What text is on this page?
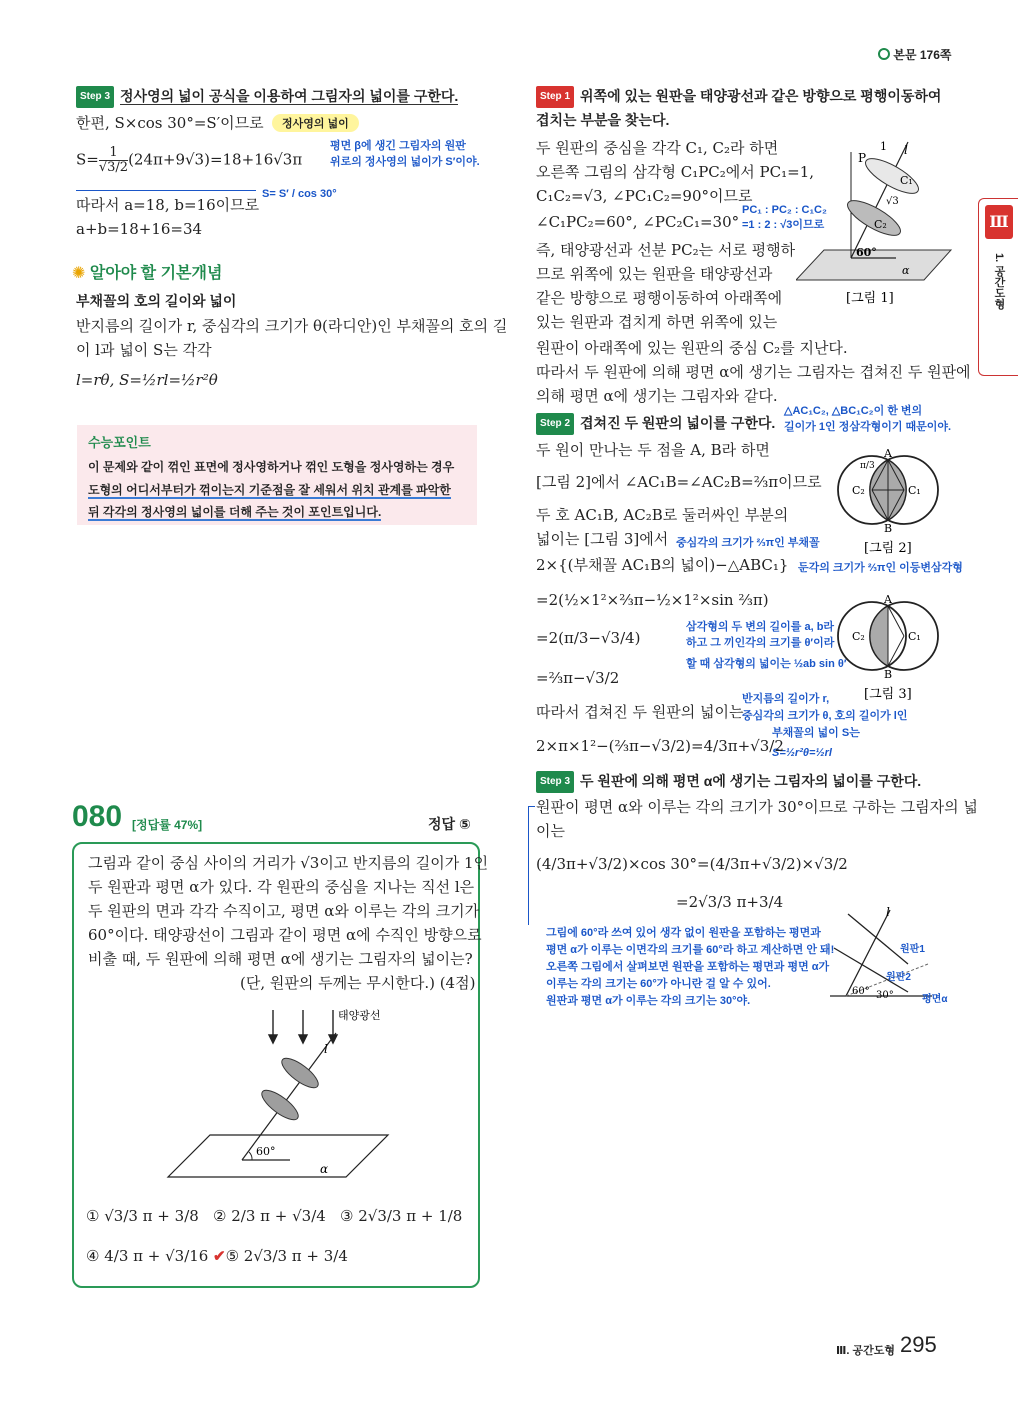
본문 176쪽
Ⅲ
1. 공간도형
Step 3 정사영의 넓이 공식을 이용하여 그림자의 넓이를 구한다.
한편, S×cos 30°=S′이므로	정사영의 넓이
평면 β에 생긴 그림자의 원판
위로의 정사영의 넓이가 S′이야.
$S= \frac{1}{√3/2} (24\pi+9√3)=18+16√3\pi$
S= S′ / cos 30°
따라서 a=18, b=16이므로
a+b=18+16=34
✺ 알아야 할 기본개념
부채꼴의 호의 길이와 넓이
반지름의 길이가 r, 중심각의 크기가 θ(라디안)인 부채꼴의 호의 길
이 l과 넓이 S는 각각
l=rθ, S=½rl=½r²θ
수능포인트
이 문제와 같이 꺾인 표면에 정사영하거나 꺾인 도형을 정사영하는 경우
도형의 어디서부터가 꺾이는지 기준점을 잘 세워서 위치 관계를 파악한
뒤 각각의 정사영의 넓이를 더해 주는 것이 포인트입니다.
080 [정답률 47%]	정답 ⑤
그림과 같이 중심 사이의 거리가 √3이고 반지름의 길이가 1인
두 원판과 평면 α가 있다. 각 원판의 중심을 지나는 직선 l은
두 원판의 면과 각각 수직이고, 평면 α와 이루는 각의 크기가
60°이다. 태양광선이 그림과 같이 평면 α에 수직인 방향으로
비출 때, 두 원판에 의해 평면 α에 생기는 그림자의 넓이는?
(단, 원판의 두께는 무시한다.) (4점)
태양광선
l
60°
α
① √3/3 π + 3/8 ② 2/3 π + √3/4 ③ 2√3/3 π + 1/8
④ 4/3 π + √3/16 ✔⑤ 2√3/3 π + 3/4
Step 1 위쪽에 있는 원판을 태양광선과 같은 방향으로 평행이동하여
겹치는 부분을 찾는다.
두 원판의 중심을 각각 C₁, C₂라 하면
오른쪽 그림의 삼각형 C₁PC₂에서 PC₁=1,
C₁C₂=√3, ∠PC₁C₂=90°이므로
∠C₁PC₂=60°, ∠PC₂C₁=30°
PC₁ : PC₂ : C₁C₂
=1 : 2 : √3이므로
즉, 태양광선과 선분 PC₂는 서로 평행하
므로 위쪽에 있는 원판을 태양광선과
같은 방향으로 평행이동하여 아래쪽에
있는 원판과 겹치게 하면 위쪽에 있는
원판이 아래쪽에 있는 원판의 중심 C₂를 지난다.
따라서 두 원판에 의해 평면 α에 생기는 그림자는 겹쳐진 두 원판에
의해 평면 α에 생기는 그림자와 같다.
P
1 l
C₁
√3
C₂
60°
α
[그림 1]
Step 2 겹쳐진 두 원판의 넓이를 구한다.
△AC₁C₂, △BC₁C₂이 한 변의
길이가 1인 정삼각형이기 때문이야.
두 원이 만나는 두 점을 A, B라 하면
[그림 2]에서 ∠AC₁B=∠AC₂B=⅔π이므로
두 호 AC₁B, AC₂B로 둘러싸인 부분의
넓이는 [그림 3]에서 중심각의 크기가 ⅔π인 부채꼴
2×{(부채꼴 AC₁B의 넓이)−△ABC₁} 둔각의 크기가 ⅔π인 이등변삼각형
=2(½×1²×⅔π−½×1²×sin ⅔π)
=2(π/3−√3/4)
=⅔π−√3/2
삼각형의 두 변의 길이를 a, b라
하고 그 끼인각의 크기를 θ′이라
할 때 삼각형의 넓이는 ½ab sin θ′
반지름의 길이가 r,
중심각의 크기가 θ, 호의 길이가 l인
부채꼴의 넓이 S는
S=½r²θ=½rl
따라서 겹쳐진 두 원판의 넓이는
2×π×1²−(⅔π−√3/2)=4/3π+√3/2
A
B
C₂	C₁
π/3
[그림 2]
A
B
C₂	C₁
[그림 3]
Step 3 두 원판에 의해 평면 α에 생기는 그림자의 넓이를 구한다.
원판이 평면 α와 이루는 각의 크기가 30°이므로 구하는 그림자의 넓
이는
(4/3π+√3/2)×cos 30°=(4/3π+√3/2)×√3/2
=2√3/3 π+3/4
그림에 60°라 쓰여 있어 생각 없이 원판을 포함하는 평면과
평면 α가 이루는 이면각의 크기를 60°라 하고 계산하면 안 돼!
오른쪽 그림에서 살펴보면 원판을 포함하는 평면과 평면 α가
이루는 각의 크기는 60°가 아니란 걸 알 수 있어.
원판과 평면 α가 이루는 각의 크기는 30°야.
l
원판1
원판2
60° 30°	평면α
Ⅲ. 공간도형 295
